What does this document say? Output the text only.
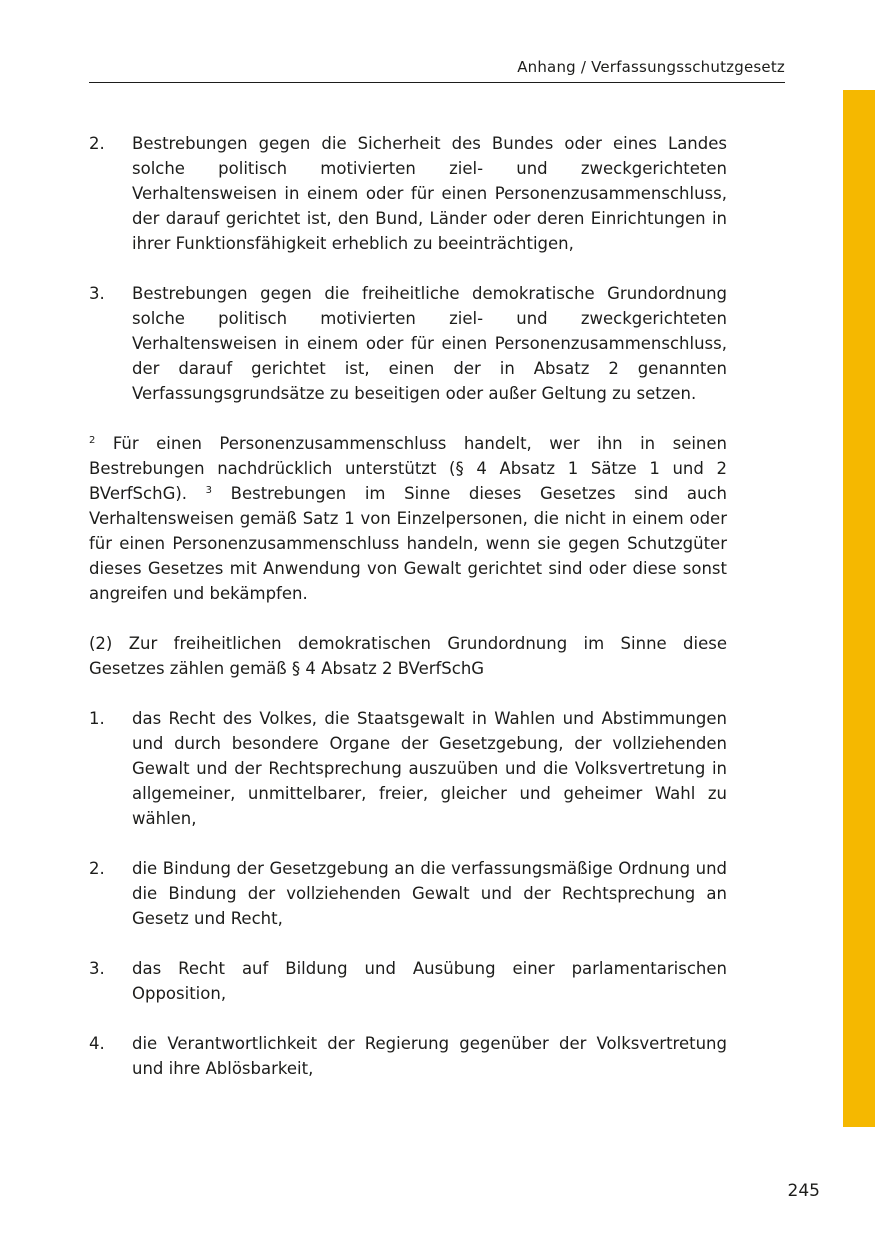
Anhang / Verfassungsschutzgesetz
2.	Bestrebungen gegen die Sicherheit des Bundes oder eines Landes solche politisch motivierten ziel- und zweckgerichteten Verhaltensweisen in einem oder für einen Personenzusammenschluss, der darauf gerichtet ist, den Bund, Länder oder deren Einrichtungen in ihrer Funktionsfähigkeit erheblich zu beeinträchtigen,
3.	Bestrebungen gegen die freiheitliche demokratische Grundordnung solche politisch motivierten ziel- und zweckgerichteten Verhaltensweisen in einem oder für einen Personenzusammenschluss, der darauf gerichtet ist, einen der in Absatz 2 genannten Verfassungsgrundsätze zu beseitigen oder außer Geltung zu setzen.

$^2$ Für einen Personenzusammenschluss handelt, wer ihn in seinen Bestrebungen nachdrücklich unterstützt (§ 4 Absatz 1 Sätze 1 und 2 BVerfSchG). $^3$ Bestrebungen im Sinne dieses Gesetzes sind auch Verhaltensweisen gemäß Satz 1 von Einzelpersonen, die nicht in einem oder für einen Personenzusammenschluss handeln, wenn sie gegen Schutzgüter dieses Gesetzes mit Anwendung von Gewalt gerichtet sind oder diese sonst angreifen und bekämpfen.

(2) Zur freiheitlichen demokratischen Grundordnung im Sinne diese Gesetzes zählen gemäß § 4 Absatz 2 BVerfSchG

1.	das Recht des Volkes, die Staatsgewalt in Wahlen und Abstimmungen und durch besondere Organe der Gesetzgebung, der vollziehenden Gewalt und der Rechtsprechung auszuüben und die Volksvertretung in allgemeiner, unmittelbarer, freier, gleicher und geheimer Wahl zu wählen,
2.	die Bindung der Gesetzgebung an die verfassungsmäßige Ordnung und die Bindung der vollziehenden Gewalt und der Rechtsprechung an Gesetz und Recht,
3.	das Recht auf Bildung und Ausübung einer parlamentarischen Opposition,
4.	die Verantwortlichkeit der Regierung gegenüber der Volksvertretung und ihre Ablösbarkeit,
245
